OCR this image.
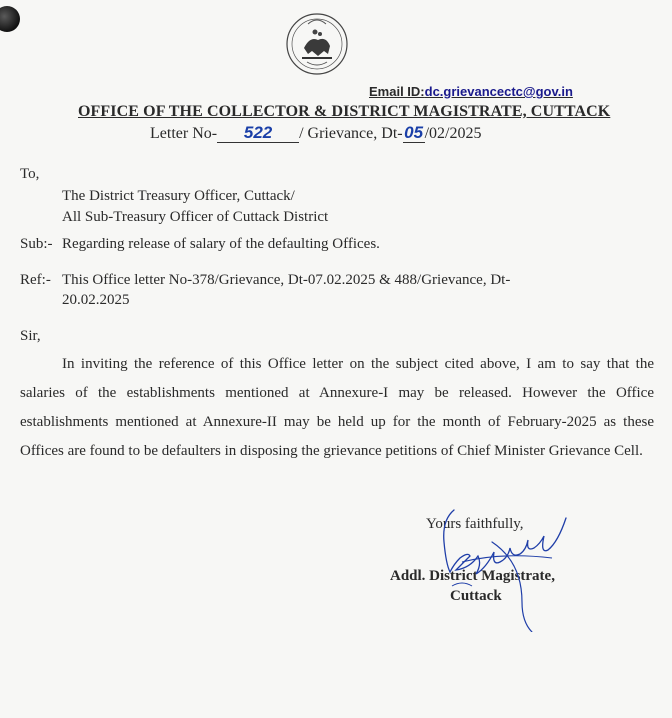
Email ID:dc.grievancectc@gov.in
OFFICE OF THE COLLECTOR & DISTRICT MAGISTRATE, CUTTACK
Letter No- 522 / Grievance, Dt-05/02/2025
To,
The District Treasury Officer, Cuttack/
All Sub-Treasury Officer of Cuttack District
Sub:- Regarding release of salary of the defaulting Offices.
Ref:- This Office letter No-378/Grievance, Dt-07.02.2025 & 488/Grievance, Dt-
20.02.2025
Sir,
In inviting the reference of this Office letter on the subject cited above, I am to say that the salaries of the establishments mentioned at Annexure-I may be released. However the Office establishments mentioned at Annexure-II may be held up for the month of February-2025 as these Offices are found to be defaulters in disposing the grievance petitions of Chief Minister Grievance Cell.
Yours faithfully,
Addl. District Magistrate,
Cuttack
